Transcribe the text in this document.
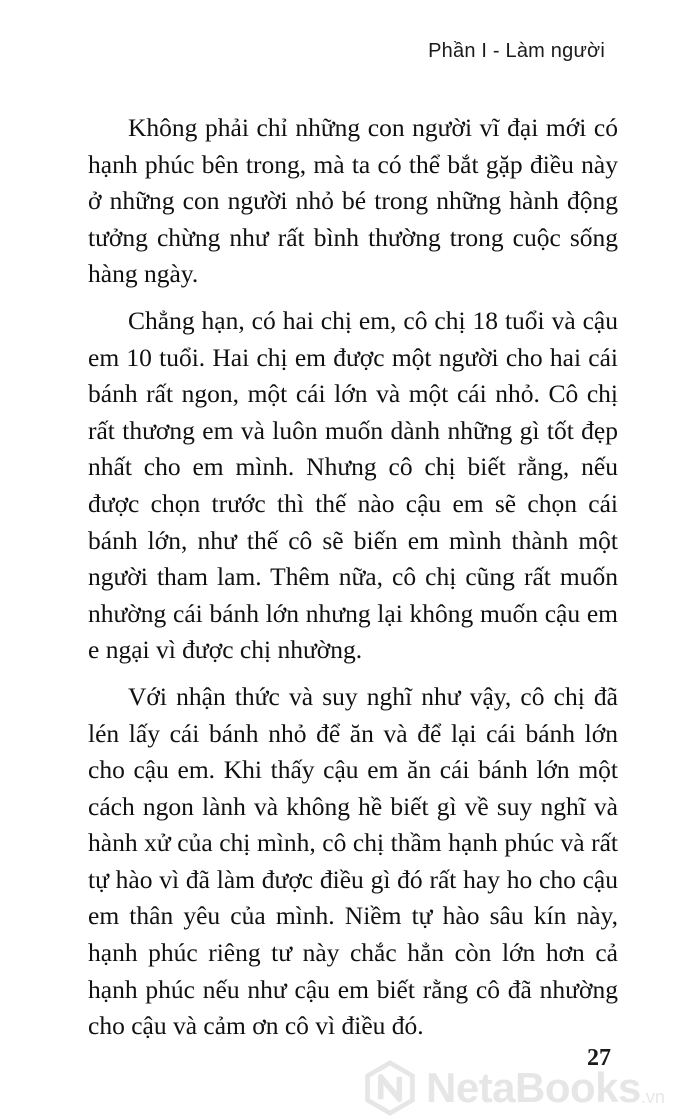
Phần I - Làm người

Không phải chỉ những con người vĩ đại mới có hạnh phúc bên trong, mà ta có thể bắt gặp điều này ở những con người nhỏ bé trong những hành động tưởng chừng như rất bình thường trong cuộc sống hàng ngày.

Chẳng hạn, có hai chị em, cô chị 18 tuổi và cậu em 10 tuổi. Hai chị em được một người cho hai cái bánh rất ngon, một cái lớn và một cái nhỏ. Cô chị rất thương em và luôn muốn dành những gì tốt đẹp nhất cho em mình. Nhưng cô chị biết rằng, nếu được chọn trước thì thế nào cậu em sẽ chọn cái bánh lớn, như thế cô sẽ biến em mình thành một người tham lam. Thêm nữa, cô chị cũng rất muốn nhường cái bánh lớn nhưng lại không muốn cậu em e ngại vì được chị nhường.

Với nhận thức và suy nghĩ như vậy, cô chị đã lén lấy cái bánh nhỏ để ăn và để lại cái bánh lớn cho cậu em. Khi thấy cậu em ăn cái bánh lớn một cách ngon lành và không hề biết gì về suy nghĩ và hành xử của chị mình, cô chị thầm hạnh phúc và rất tự hào vì đã làm được điều gì đó rất hay ho cho cậu em thân yêu của mình. Niềm tự hào sâu kín này, hạnh phúc riêng tư này chắc hẳn còn lớn hơn cả hạnh phúc nếu như cậu em biết rằng cô đã nhường cho cậu và cảm ơn cô vì điều đó.

27
NetaBooks .vn
